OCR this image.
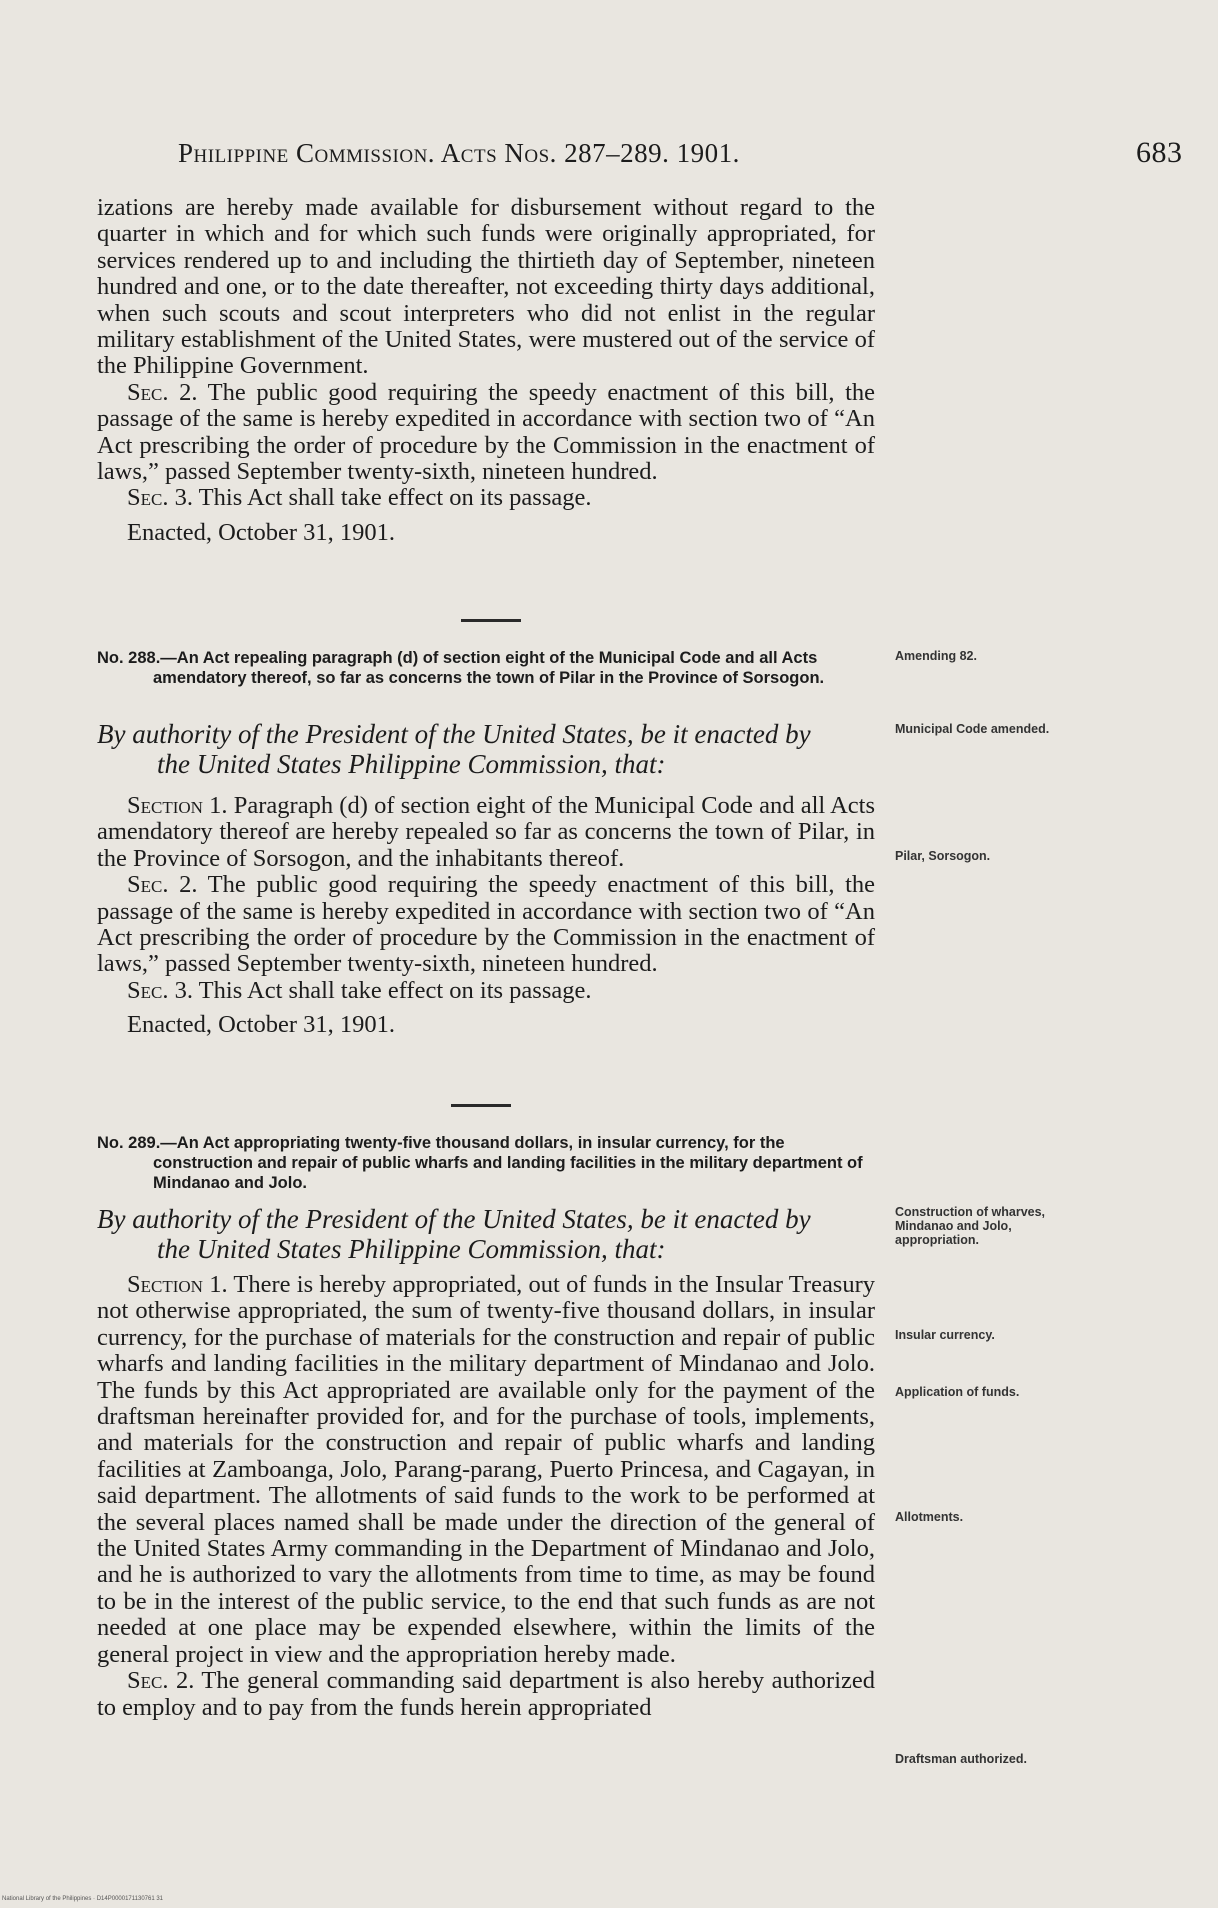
Philippine Commission. Acts Nos. 287–289. 1901.	683

izations are hereby made available for disbursement without regard to the quarter in which and for which such funds were originally appropriated, for services rendered up to and including the thirtieth day of September, nineteen hundred and one, or to the date thereafter, not exceeding thirty days additional, when such scouts and scout interpreters who did not enlist in the regular military establishment of the United States, were mustered out of the service of the Philippine Government.

Sec. 2. The public good requiring the speedy enactment of this bill, the passage of the same is hereby expedited in accordance with section two of “An Act prescribing the order of procedure by the Commission in the enactment of laws,” passed September twenty-sixth, nineteen hundred.

Sec. 3. This Act shall take effect on its passage.

Enacted, October 31, 1901.

No. 288.—An Act repealing paragraph (d) of section eight of the Municipal Code and all Acts amendatory thereof, so far as concerns the town of Pilar in the Province of Sorsogon.
By authority of the President of the United States, be it enacted by
the United States Philippine Commission, that:

Section 1. Paragraph (d) of section eight of the Municipal Code and all Acts amendatory thereof are hereby repealed so far as concerns the town of Pilar, in the Province of Sorsogon, and the inhabitants thereof.

Sec. 2. The public good requiring the speedy enactment of this bill, the passage of the same is hereby expedited in accordance with section two of “An Act prescribing the order of procedure by the Commission in the enactment of laws,” passed September twenty-sixth, nineteen hundred.

Sec. 3. This Act shall take effect on its passage.

Enacted, October 31, 1901.

Amending 82.
Municipal Code amended.
Pilar, Sorsogon.
No. 289.—An Act appropriating twenty-five thousand dollars, in insular currency, for the construction and repair of public wharfs and landing facilities in the military department of Mindanao and Jolo.
By authority of the President of the United States, be it enacted by
the United States Philippine Commission, that:

Section 1. There is hereby appropriated, out of funds in the Insular Treasury not otherwise appropriated, the sum of twenty-five thousand dollars, in insular currency, for the purchase of materials for the construction and repair of public wharfs and landing facilities in the military department of Mindanao and Jolo. The funds by this Act appropriated are available only for the payment of the draftsman hereinafter provided for, and for the purchase of tools, implements, and materials for the construction and repair of public wharfs and landing facilities at Zamboanga, Jolo, Parang-parang, Puerto Princesa, and Cagayan, in said department. The allotments of said funds to the work to be performed at the several places named shall be made under the direction of the general of the United States Army commanding in the Department of Mindanao and Jolo, and he is authorized to vary the allotments from time to time, as may be found to be in the interest of the public service, to the end that such funds as are not needed at one place may be expended elsewhere, within the limits of the general project in view and the appropriation hereby made.

Sec. 2. The general commanding said department is also hereby authorized to employ and to pay from the funds herein appropriated

Construction of wharves, Mindanao and Jolo, appropriation.
Insular currency.
Application of funds.
Allotments.
Draftsman authorized.
National Library of the Philippines · D14P0000171130761 31
